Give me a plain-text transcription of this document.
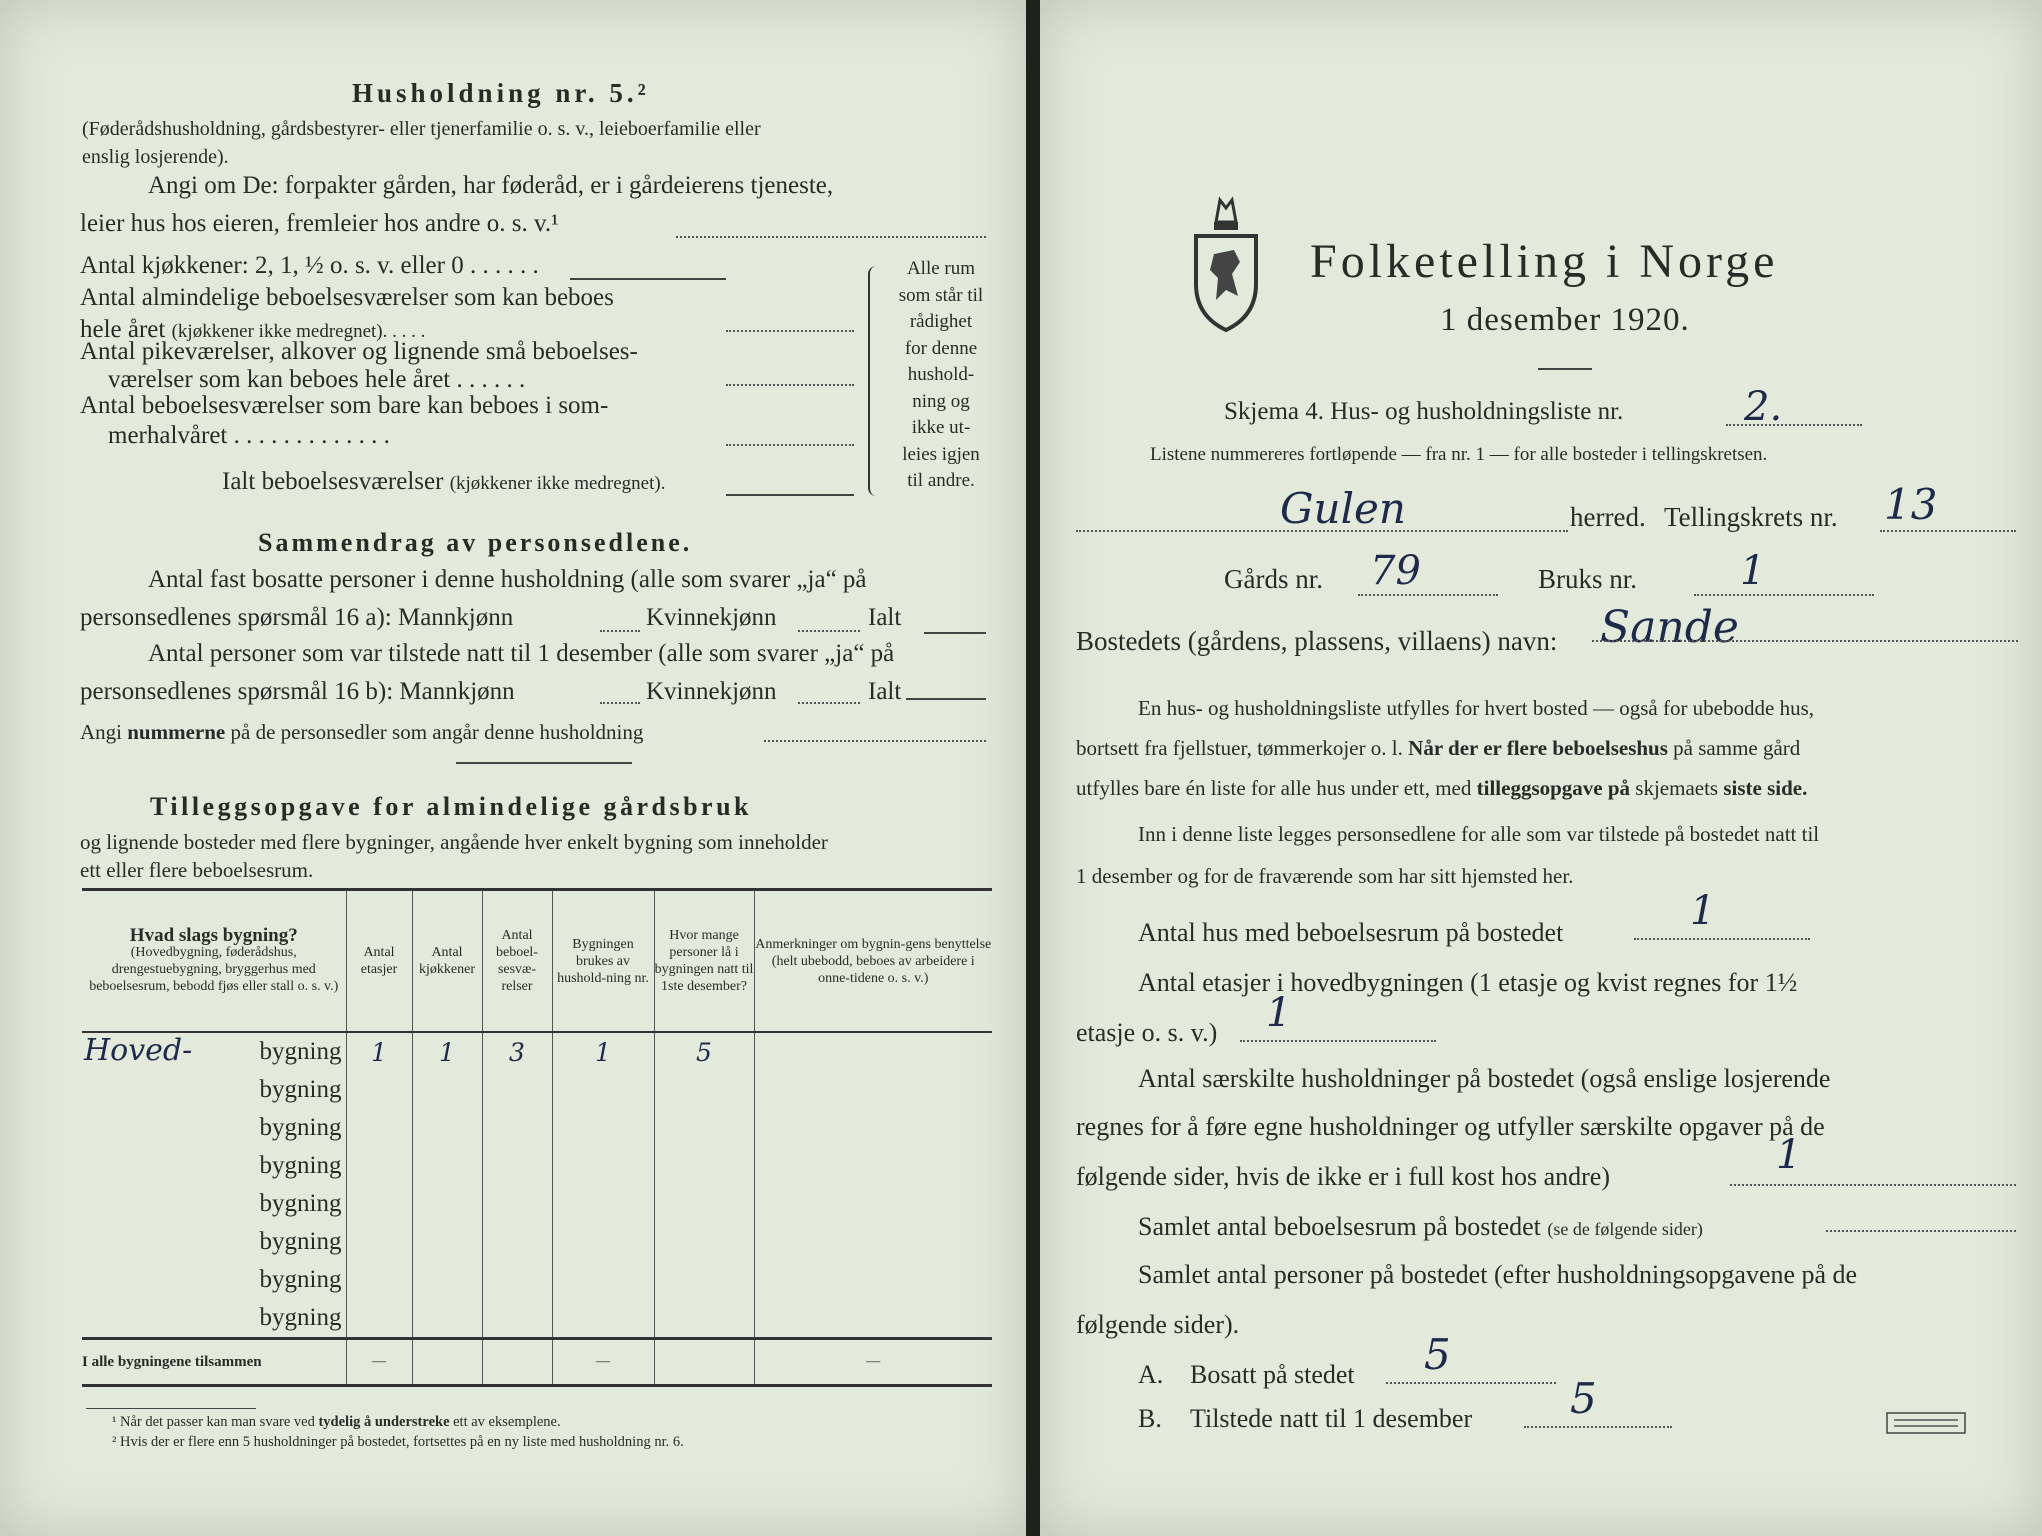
Husholdning nr. 5.²
(Føderådshusholdning, gårdsbestyrer- eller tjenerfamilie o. s. v., leieboerfamilie eller
enslig losjerende).
Angi om De: forpakter gården, har føderåd, er i gårdeierens tjeneste,
leier hus hos eieren, fremleier hos andre o. s. v.¹
Antal kjøkkener: 2, 1, ½ o. s. v. eller 0 . . . . . .
Antal almindelige beboelsesværelser som kan beboes
hele året (kjøkkener ikke medregnet). . . . .
Antal pikeværelser, alkover og lignende små beboelses-
værelser som kan beboes hele året . . . . . .
Antal beboelsesværelser som bare kan beboes i som-
merhalvåret . . . . . . . . . . . . .
Ialt beboelsesværelser (kjøkkener ikke medregnet).
Alle rum
som står til
rådighet
for denne
hushold-
ning og
ikke ut-
leies igjen
til andre.
Sammendrag av personsedlene.
Antal fast bosatte personer i denne husholdning (alle som svarer „ja“ på
personsedlenes spørsmål 16 a): Mannkjønn	Kvinnekjønn	Ialt
Antal personer som var tilstede natt til 1 desember (alle som svarer „ja“ på
personsedlenes spørsmål 16 b): Mannkjønn	Kvinnekjønn	Ialt
Angi nummerne på de personsedler som angår denne husholdning
Tilleggsopgave for almindelige gårdsbruk
og lignende bosteder med flere bygninger, angående hver enkelt bygning som inneholder
ett eller flere beboelsesrum.
Hvad slags bygning?
(Hovedbygning, føderådshus, drengestuebygning, bryggerhus med beboelsesrum, bebodd fjøs eller stall o. s. v.)	Antal etasjer	Antal kjøkkener	Antal beboel-sesvæ-relser	Bygningen brukes av hushold-ning nr.	Hvor mange personer lå i bygningen natt til 1ste desember?	Anmerkninger om bygnin-gens benyttelse (helt ubebodd, beboes av arbeidere i onne-tidene o. s. v.)

Hoved- bygning	1	1	3	1	5	
bygning						
bygning						
bygning						
bygning						
bygning						
bygning						
bygning						
I alle bygningene tilsammen	—			—		—
¹ Når det passer kan man svare ved tydelig å understreke ett av eksemplene.
² Hvis der er flere enn 5 husholdninger på bostedet, fortsettes på en ny liste med husholdning nr. 6.
Folketelling i Norge
1 desember 1920.
Skjema 4. Hus- og husholdningsliste nr.	2.
Listene nummereres fortløpende — fra nr. 1 — for alle bosteder i tellingskretsen.
Gulen	herred. Tellingskrets nr. 13
Gårds nr. 79	Bruks nr.	1
Bostedets (gårdens, plassens, villaens) navn: Sande
En hus- og husholdningsliste utfylles for hvert bosted — også for ubebodde hus,
bortsett fra fjellstuer, tømmerkojer o. l. Når der er flere beboelseshus på samme gård
utfylles bare én liste for alle hus under ett, med tilleggsopgave på skjemaets siste side.
Inn i denne liste legges personsedlene for alle som var tilstede på bostedet natt til
1 desember og for de fraværende som har sitt hjemsted her.
Antal hus med beboelsesrum på bostedet	1
Antal etasjer i hovedbygningen (1 etasje og kvist regnes for 1½
etasje o. s. v.) 1
Antal særskilte husholdninger på bostedet (også enslige losjerende
regnes for å føre egne husholdninger og utfyller særskilte opgaver på de
følgende sider, hvis de ikke er i full kost hos andre)	1
Samlet antal beboelsesrum på bostedet (se de følgende sider)
Samlet antal personer på bostedet (efter husholdningsopgavene på de
følgende sider).
A. Bosatt på stedet 5
B. Tilstede natt til 1 desember 5
